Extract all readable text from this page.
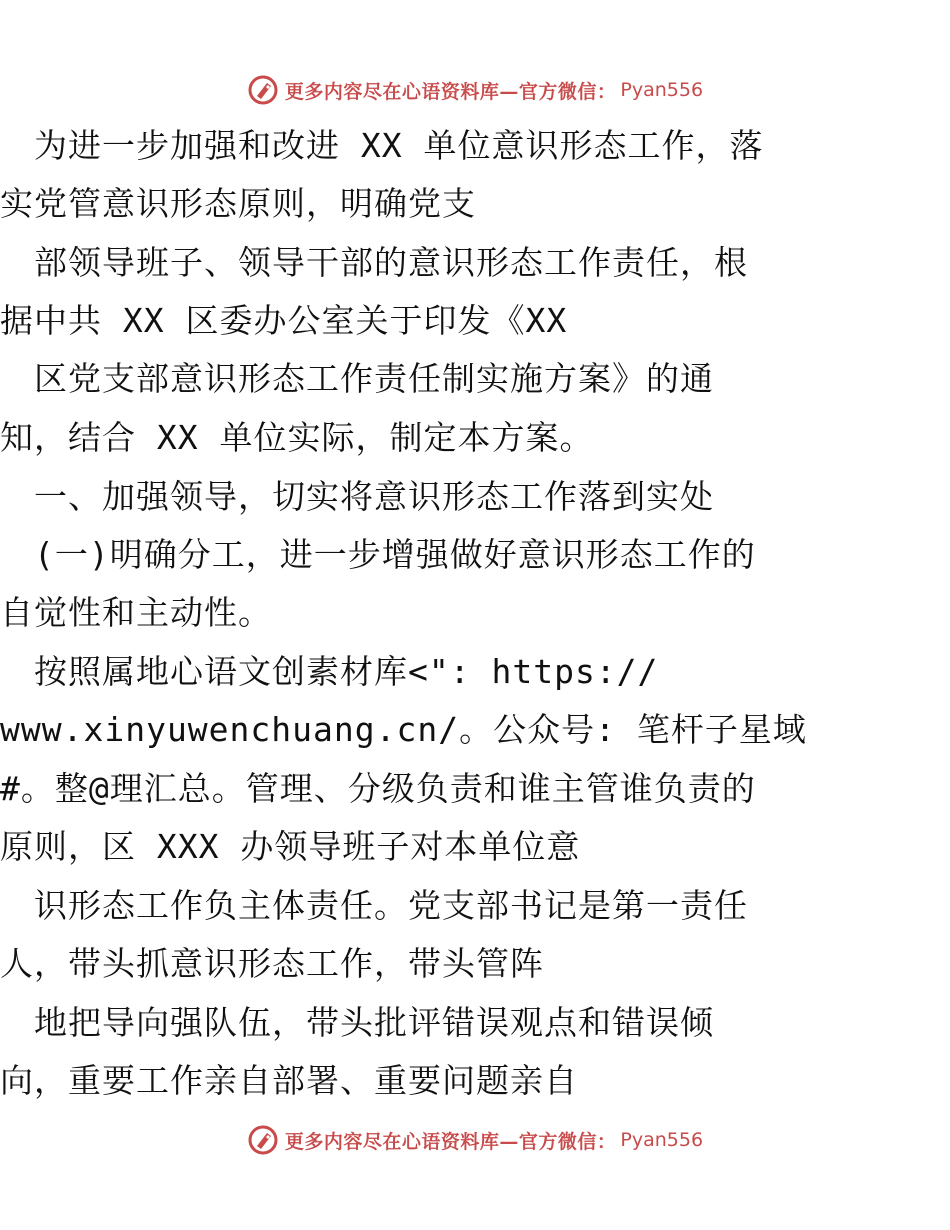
更多内容尽在心语资料库—官方微信： Pyan556
　为进一步加强和改进 XX 单位意识形态工作，落
实党管意识形态原则，明确党支
　部领导班子、领导干部的意识形态工作责任，根
据中共 XX 区委办公室关于印发《XX
　区党支部意识形态工作责任制实施方案》的通
知，结合 XX 单位实际，制定本方案。
　一、加强领导，切实将意识形态工作落到实处
　(一)明确分工，进一步增强做好意识形态工作的
自觉性和主动性。
　按照属地心语文创素材库<": https://
www.xinyuwenchuang.cn/。公众号: 笔杆子星域
#。整@理汇总。管理、分级负责和谁主管谁负责的
原则，区 XXX 办领导班子对本单位意
　识形态工作负主体责任。党支部书记是第一责任
人，带头抓意识形态工作，带头管阵
　地把导向强队伍，带头批评错误观点和错误倾
向，重要工作亲自部署、重要问题亲自
更多内容尽在心语资料库—官方微信： Pyan556
